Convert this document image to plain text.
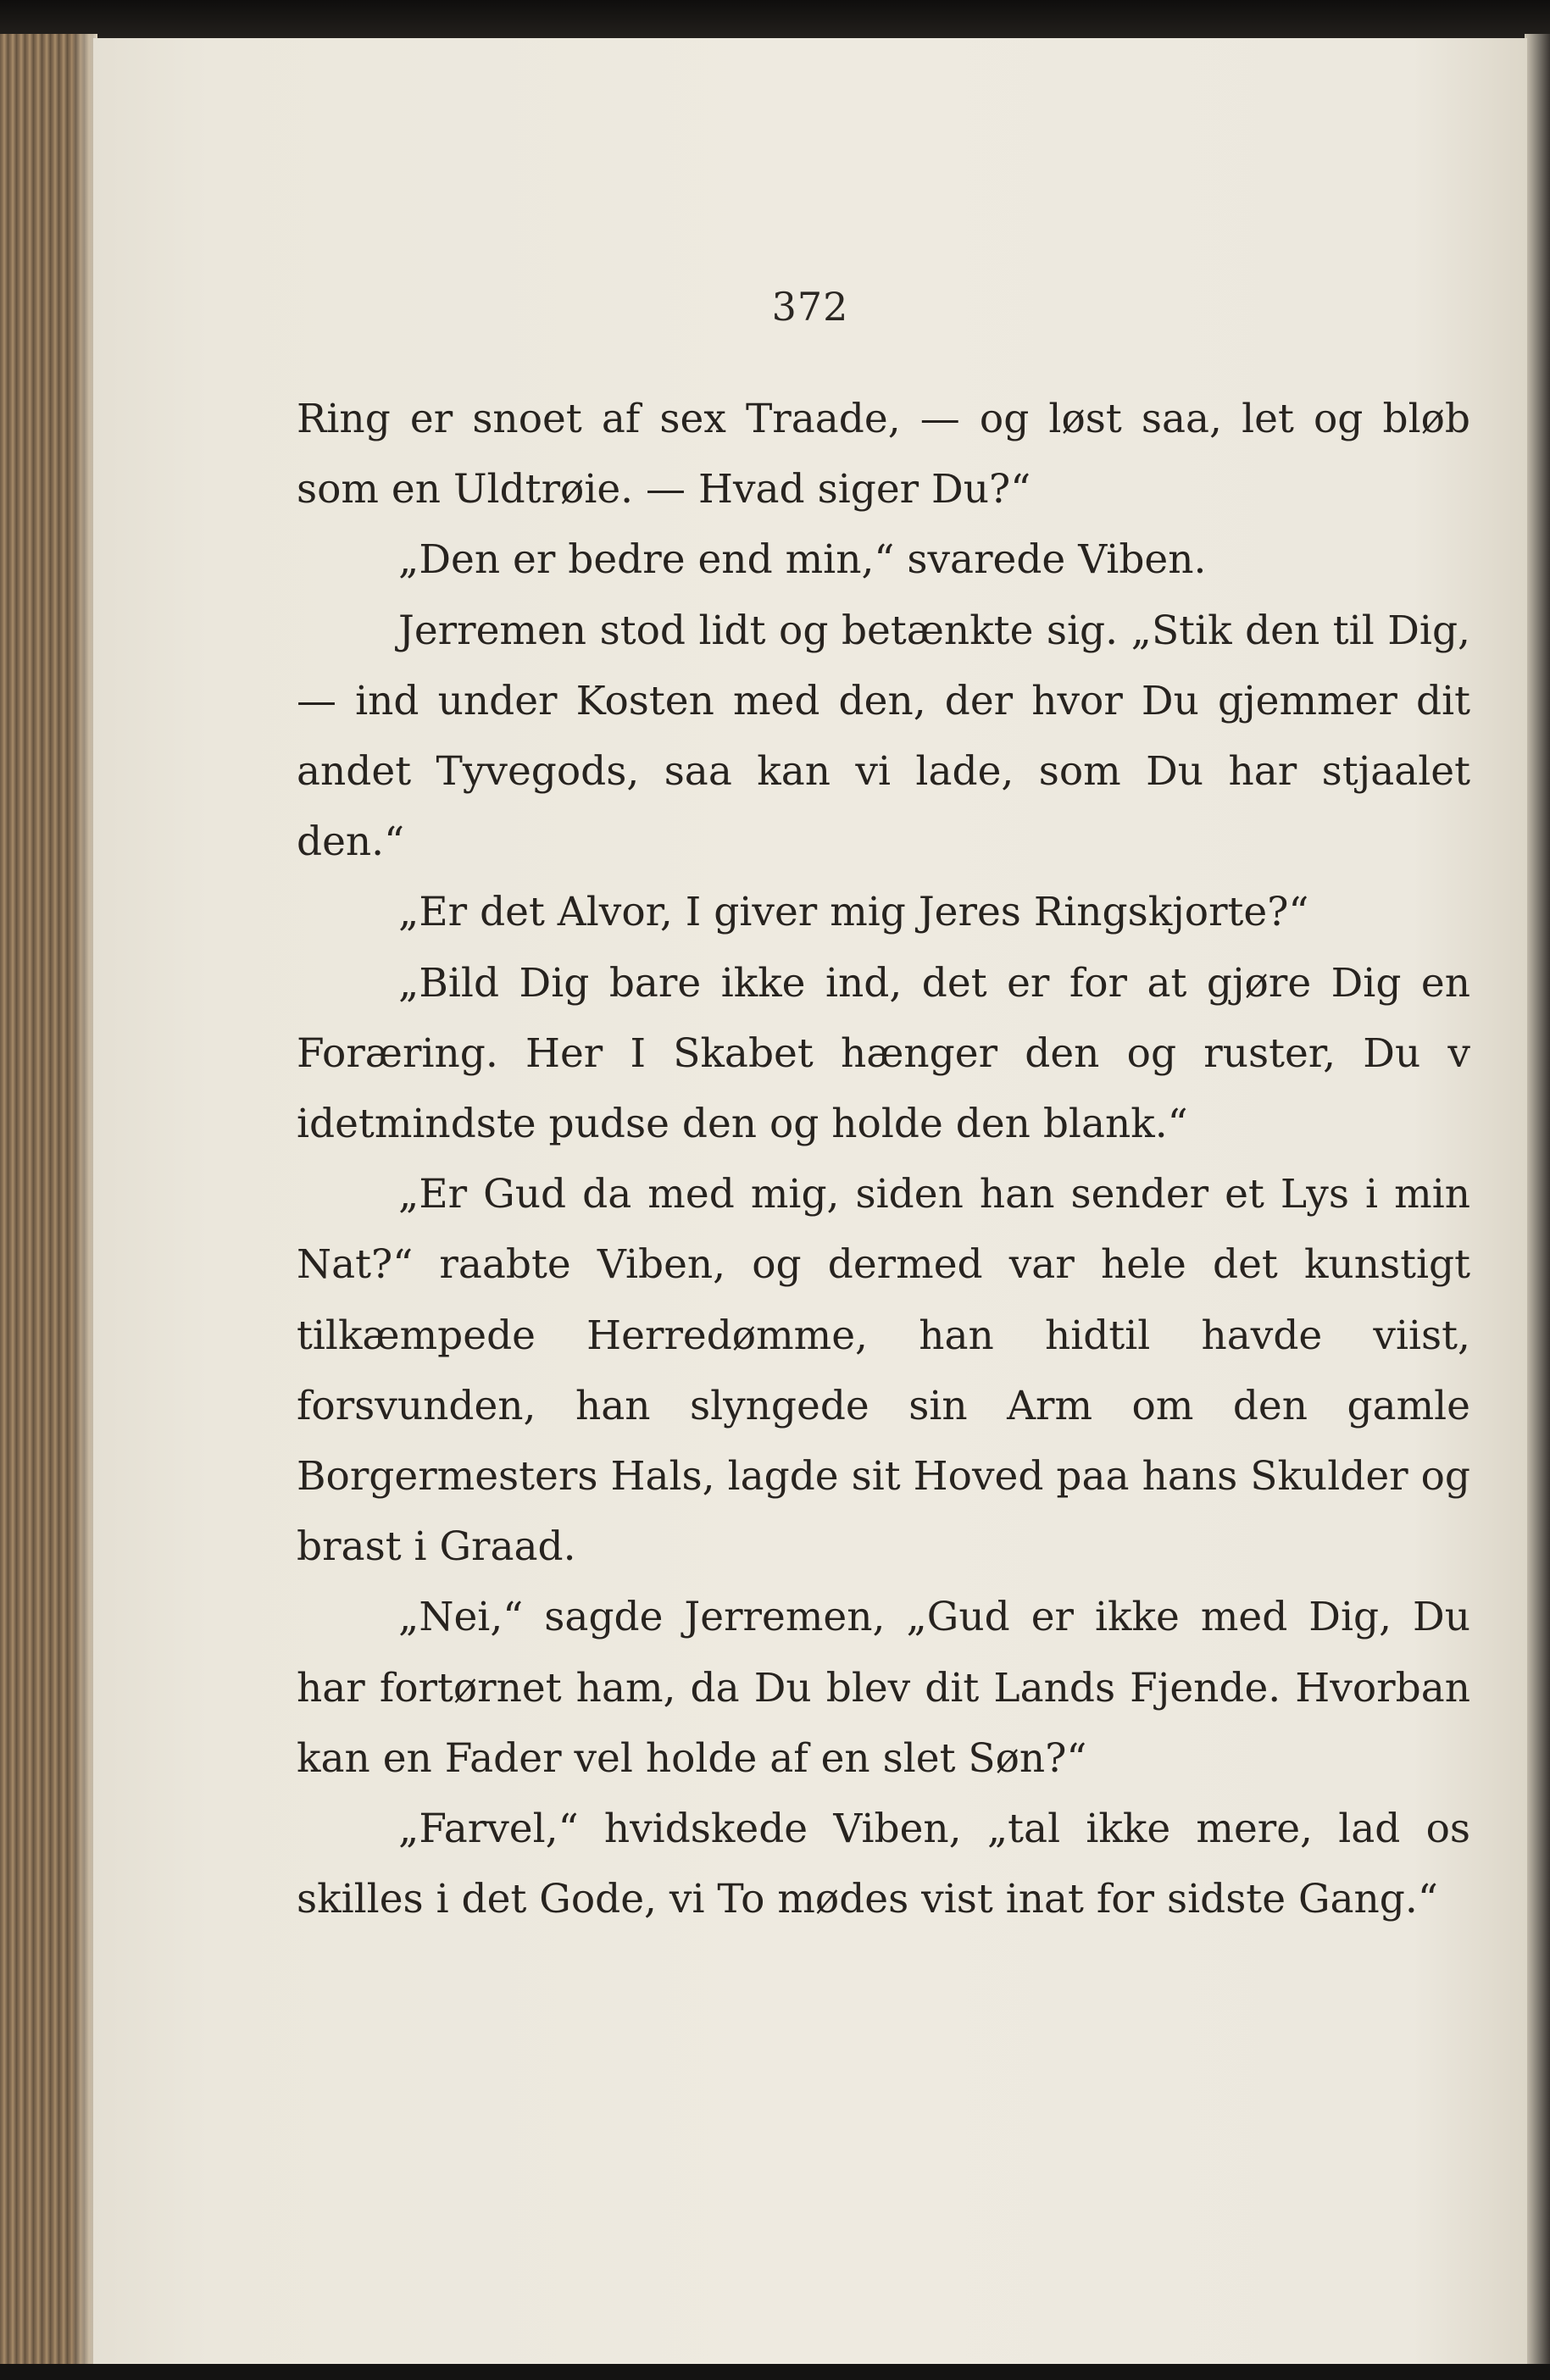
372

Ring er snoet af sex Traade, — og løst saa, let og bløb som en Uldtrøie. — Hvad siger Du?“

„Den er bedre end min,“ svarede Viben.

Jerremen stod lidt og betænkte sig. „Stik den til Dig, — ind under Kosten med den, der hvor Du gjemmer dit andet Tyvegods, saa kan vi lade, som Du har stjaalet den.“

„Er det Alvor, I giver mig Jeres Ringskjorte?“

„Bild Dig bare ikke ind, det er for at gjøre Dig en Foræring. Her I Skabet hænger den og ruster, Du v idetmindste pudse den og holde den blank.“

„Er Gud da med mig, siden han sender et Lys i min Nat?“ raabte Viben, og dermed var hele det kunstigt tilkæmpede Herredømme, han hidtil havde viist, forsvunden, han slyngede sin Arm om den gamle Borgermesters Hals, lagde sit Hoved paa hans Skulder og brast i Graad.

„Nei,“ sagde Jerremen, „Gud er ikke med Dig, Du har fortørnet ham, da Du blev dit Lands Fjende. Hvorban kan en Fader vel holde af en slet Søn?“

„Farvel,“ hvidskede Viben, „tal ikke mere, lad os skilles i det Gode, vi To mødes vist inat for sidste Gang.“
